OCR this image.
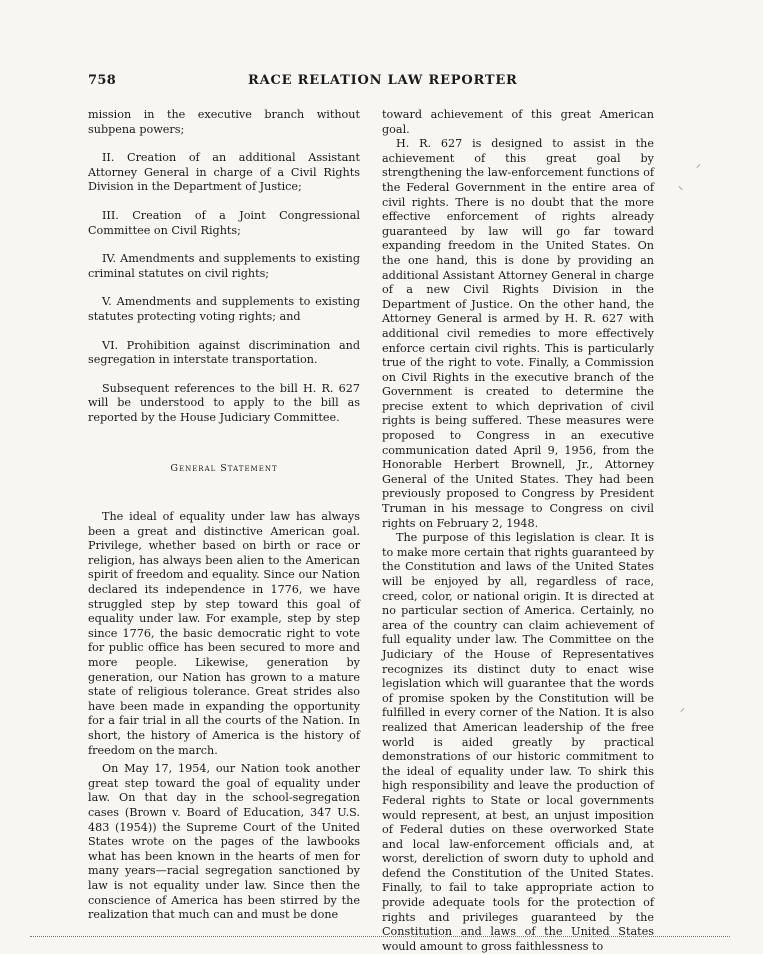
758	RACE RELATION LAW REPORTER

mission in the executive branch without subpena powers;

II. Creation of an additional Assistant Attorney General in charge of a Civil Rights Division in the Department of Justice;

III. Creation of a Joint Congressional Committee on Civil Rights;

IV. Amendments and supplements to existing criminal statutes on civil rights;

V. Amendments and supplements to existing statutes protecting voting rights; and

VI. Prohibition against discrimination and segregation in interstate transportation.

Subsequent references to the bill H. R. 627 will be understood to apply to the bill as reported by the House Judiciary Committee.

General Statement

The ideal of equality under law has always been a great and distinctive American goal. Privilege, whether based on birth or race or religion, has always been alien to the American spirit of freedom and equality. Since our Nation declared its independence in 1776, we have struggled step by step toward this goal of equality under law. For example, step by step since 1776, the basic democratic right to vote for public office has been secured to more and more people. Likewise, generation by generation, our Nation has grown to a mature state of religious tolerance. Great strides also have been made in expanding the opportunity for a fair trial in all the courts of the Nation. In short, the history of America is the history of freedom on the march.

On May 17, 1954, our Nation took another great step toward the goal of equality under law. On that day in the school-segregation cases (Brown v. Board of Education, 347 U.S. 483 (1954)) the Supreme Court of the United States wrote on the pages of the lawbooks what has been known in the hearts of men for many years—racial segregation sanctioned by law is not equality under law. Since then the conscience of America has been stirred by the realization that much can and must be done

toward achievement of this great American goal.

H. R. 627 is designed to assist in the achievement of this great goal by strengthening the law-enforcement functions of the Federal Government in the entire area of civil rights. There is no doubt that the more effective enforcement of rights already guaranteed by law will go far toward expanding freedom in the United States. On the one hand, this is done by providing an additional Assistant Attorney General in charge of a new Civil Rights Division in the Department of Justice. On the other hand, the Attorney General is armed by H. R. 627 with additional civil remedies to more effectively enforce certain civil rights. This is particularly true of the right to vote. Finally, a Commission on Civil Rights in the executive branch of the Government is created to determine the precise extent to which deprivation of civil rights is being suffered. These measures were proposed to Congress in an executive communication dated April 9, 1956, from the Honorable Herbert Brownell, Jr., Attorney General of the United States. They had been previously proposed to Congress by President Truman in his message to Congress on civil rights on February 2, 1948.

The purpose of this legislation is clear. It is to make more certain that rights guaranteed by the Constitution and laws of the United States will be enjoyed by all, regardless of race, creed, color, or national origin. It is directed at no particular section of America. Certainly, no area of the country can claim achievement of full equality under law. The Committee on the Judiciary of the House of Representatives recognizes its distinct duty to enact wise legislation which will guarantee that the words of promise spoken by the Constitution will be fulfilled in every corner of the Nation. It is also realized that American leadership of the free world is aided greatly by practical demonstrations of our historic commitment to the ideal of equality under law. To shirk this high responsibility and leave the production of Federal rights to State or local governments would represent, at best, an unjust imposition of Federal duties on these overworked State and local law-enforcement officials and, at worst, dereliction of sworn duty to uphold and defend the Constitution of the United States. Finally, to fail to take appropriate action to provide adequate tools for the protection of rights and privileges guaranteed by the Constitution and laws of the United States would amount to gross faithlessness to

⸝
⸜
⸝
